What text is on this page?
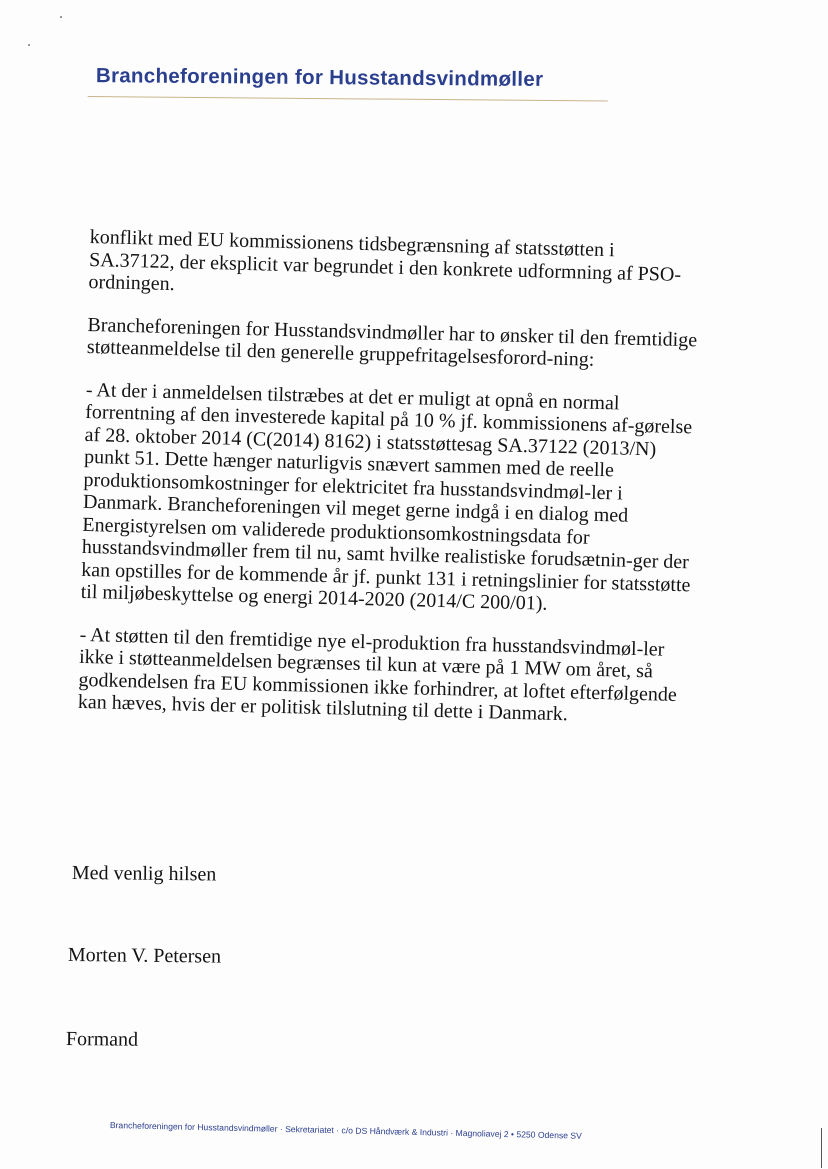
Brancheforeningen for Husstandsvindmøller

konflikt med EU kommissionens tidsbegrænsning af statsstøtten i SA.37122, der eksplicit var begrundet i den konkrete udformning af PSO-ordningen.

Brancheforeningen for Husstandsvindmøller har to ønsker til den fremtidige støtteanmeldelse til den generelle gruppefritagelsesforord-ning:

- At der i anmeldelsen tilstræbes at det er muligt at opnå en normal forrentning af den investerede kapital på 10 % jf. kommissionens af-gørelse af 28. oktober 2014 (C(2014) 8162) i statsstøttesag SA.37122 (2013/N) punkt 51. Dette hænger naturligvis snævert sammen med de reelle produktionsomkostninger for elektricitet fra husstandsvindmøl-ler i Danmark. Brancheforeningen vil meget gerne indgå i en dialog med Energistyrelsen om validerede produktionsomkostningsdata for husstandsvindmøller frem til nu, samt hvilke realistiske forudsætnin-ger der kan opstilles for de kommende år jf. punkt 131 i retningslinier for statsstøtte til miljøbeskyttelse og energi 2014-2020 (2014/C 200/01).

- At støtten til den fremtidige nye el-produktion fra husstandsvindmøl-ler ikke i støtteanmeldelsen begrænses til kun at være på 1 MW om året, så godkendelsen fra EU kommissionen ikke forhindrer, at loftet efterfølgende kan hæves, hvis der er politisk tilslutning til dette i Danmark.

Med venlig hilsen
Morten V. Petersen
Formand
Brancheforeningen for Husstandsvindmøller · Sekretariatet · c/o DS Håndværk & Industri · Magnoliavej 2 • 5250 Odense SV
